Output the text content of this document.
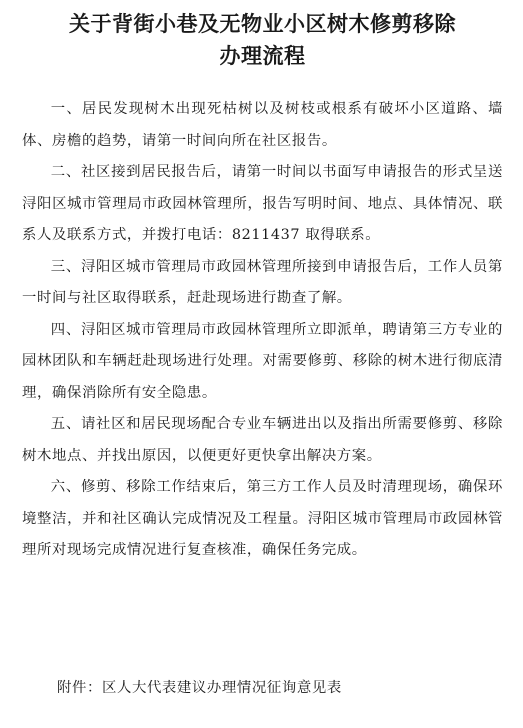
关于背街小巷及无物业小区树木修剪移除
办理流程

一、居民发现树木出现死枯树以及树枝或根系有破坏小区道路、墙体、房檐的趋势，请第一时间向所在社区报告。

二、社区接到居民报告后，请第一时间以书面写申请报告的形式呈送浔阳区城市管理局市政园林管理所，报告写明时间、地点、具体情况、联系人及联系方式，并拨打电话：8211437 取得联系。

三、浔阳区城市管理局市政园林管理所接到申请报告后，工作人员第一时间与社区取得联系，赶赴现场进行勘查了解。

四、浔阳区城市管理局市政园林管理所立即派单，聘请第三方专业的园林团队和车辆赶赴现场进行处理。对需要修剪、移除的树木进行彻底清理，确保消除所有安全隐患。

五、请社区和居民现场配合专业车辆进出以及指出所需要修剪、移除树木地点、并找出原因，以便更好更快拿出解决方案。

六、修剪、移除工作结束后，第三方工作人员及时清理现场，确保环境整洁，并和社区确认完成情况及工程量。浔阳区城市管理局市政园林管理所对现场完成情况进行复查核准，确保任务完成。

附件：区人大代表建议办理情况征询意见表
